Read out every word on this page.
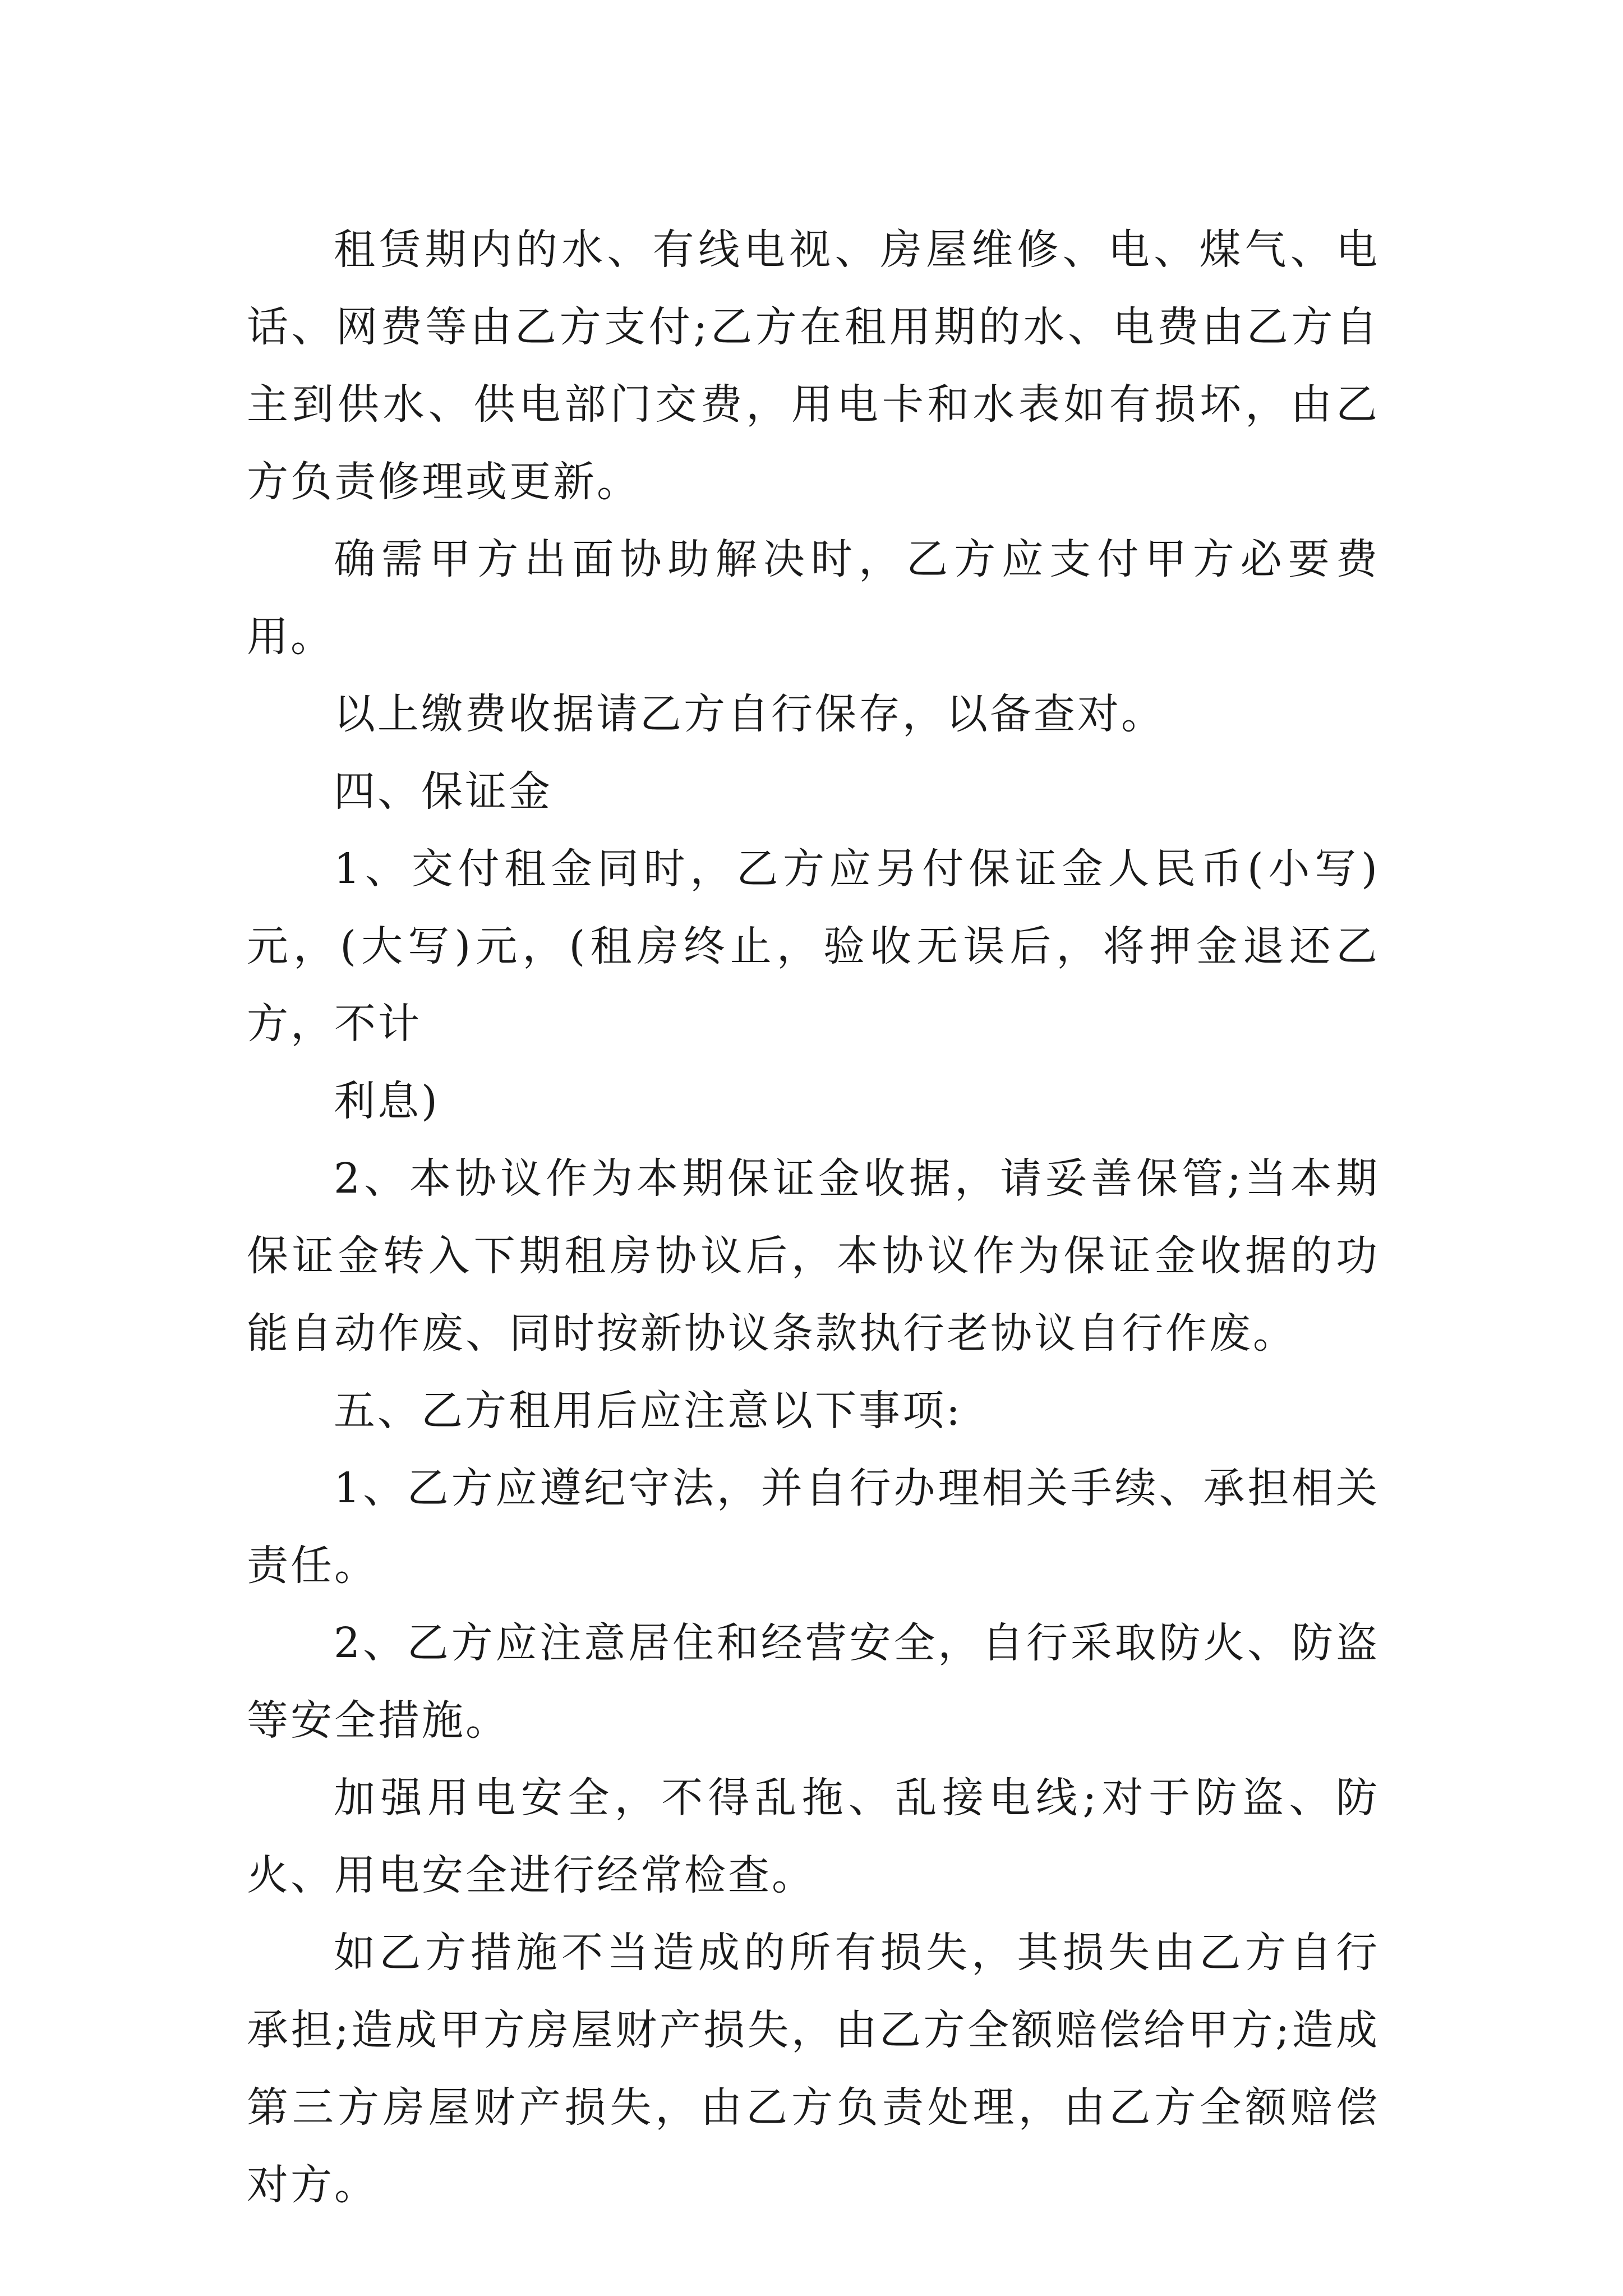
租赁期内的水、有线电视、房屋维修、电、煤气、电话、网费等由乙方支付;乙方在租用期的水、电费由乙方自主到供水、供电部门交费，用电卡和水表如有损坏，由乙方负责修理或更新。

确需甲方出面协助解决时，乙方应支付甲方必要费用。

以上缴费收据请乙方自行保存，以备查对。

四、保证金

1、交付租金同时，乙方应另付保证金人民币(小写)元，(大写)元，(租房终止，验收无误后，将押金退还乙方，不计

利息)

2、本协议作为本期保证金收据，请妥善保管;当本期保证金转入下期租房协议后，本协议作为保证金收据的功能自动作废、同时按新协议条款执行老协议自行作废。

五、乙方租用后应注意以下事项:

1、乙方应遵纪守法，并自行办理相关手续、承担相关责任。

2、乙方应注意居住和经营安全，自行采取防火、防盗等安全措施。

加强用电安全，不得乱拖、乱接电线;对于防盗、防火、用电安全进行经常检查。

如乙方措施不当造成的所有损失，其损失由乙方自行承担;造成甲方房屋财产损失，由乙方全额赔偿给甲方;造成第三方房屋财产损失，由乙方负责处理，由乙方全额赔偿对方。
